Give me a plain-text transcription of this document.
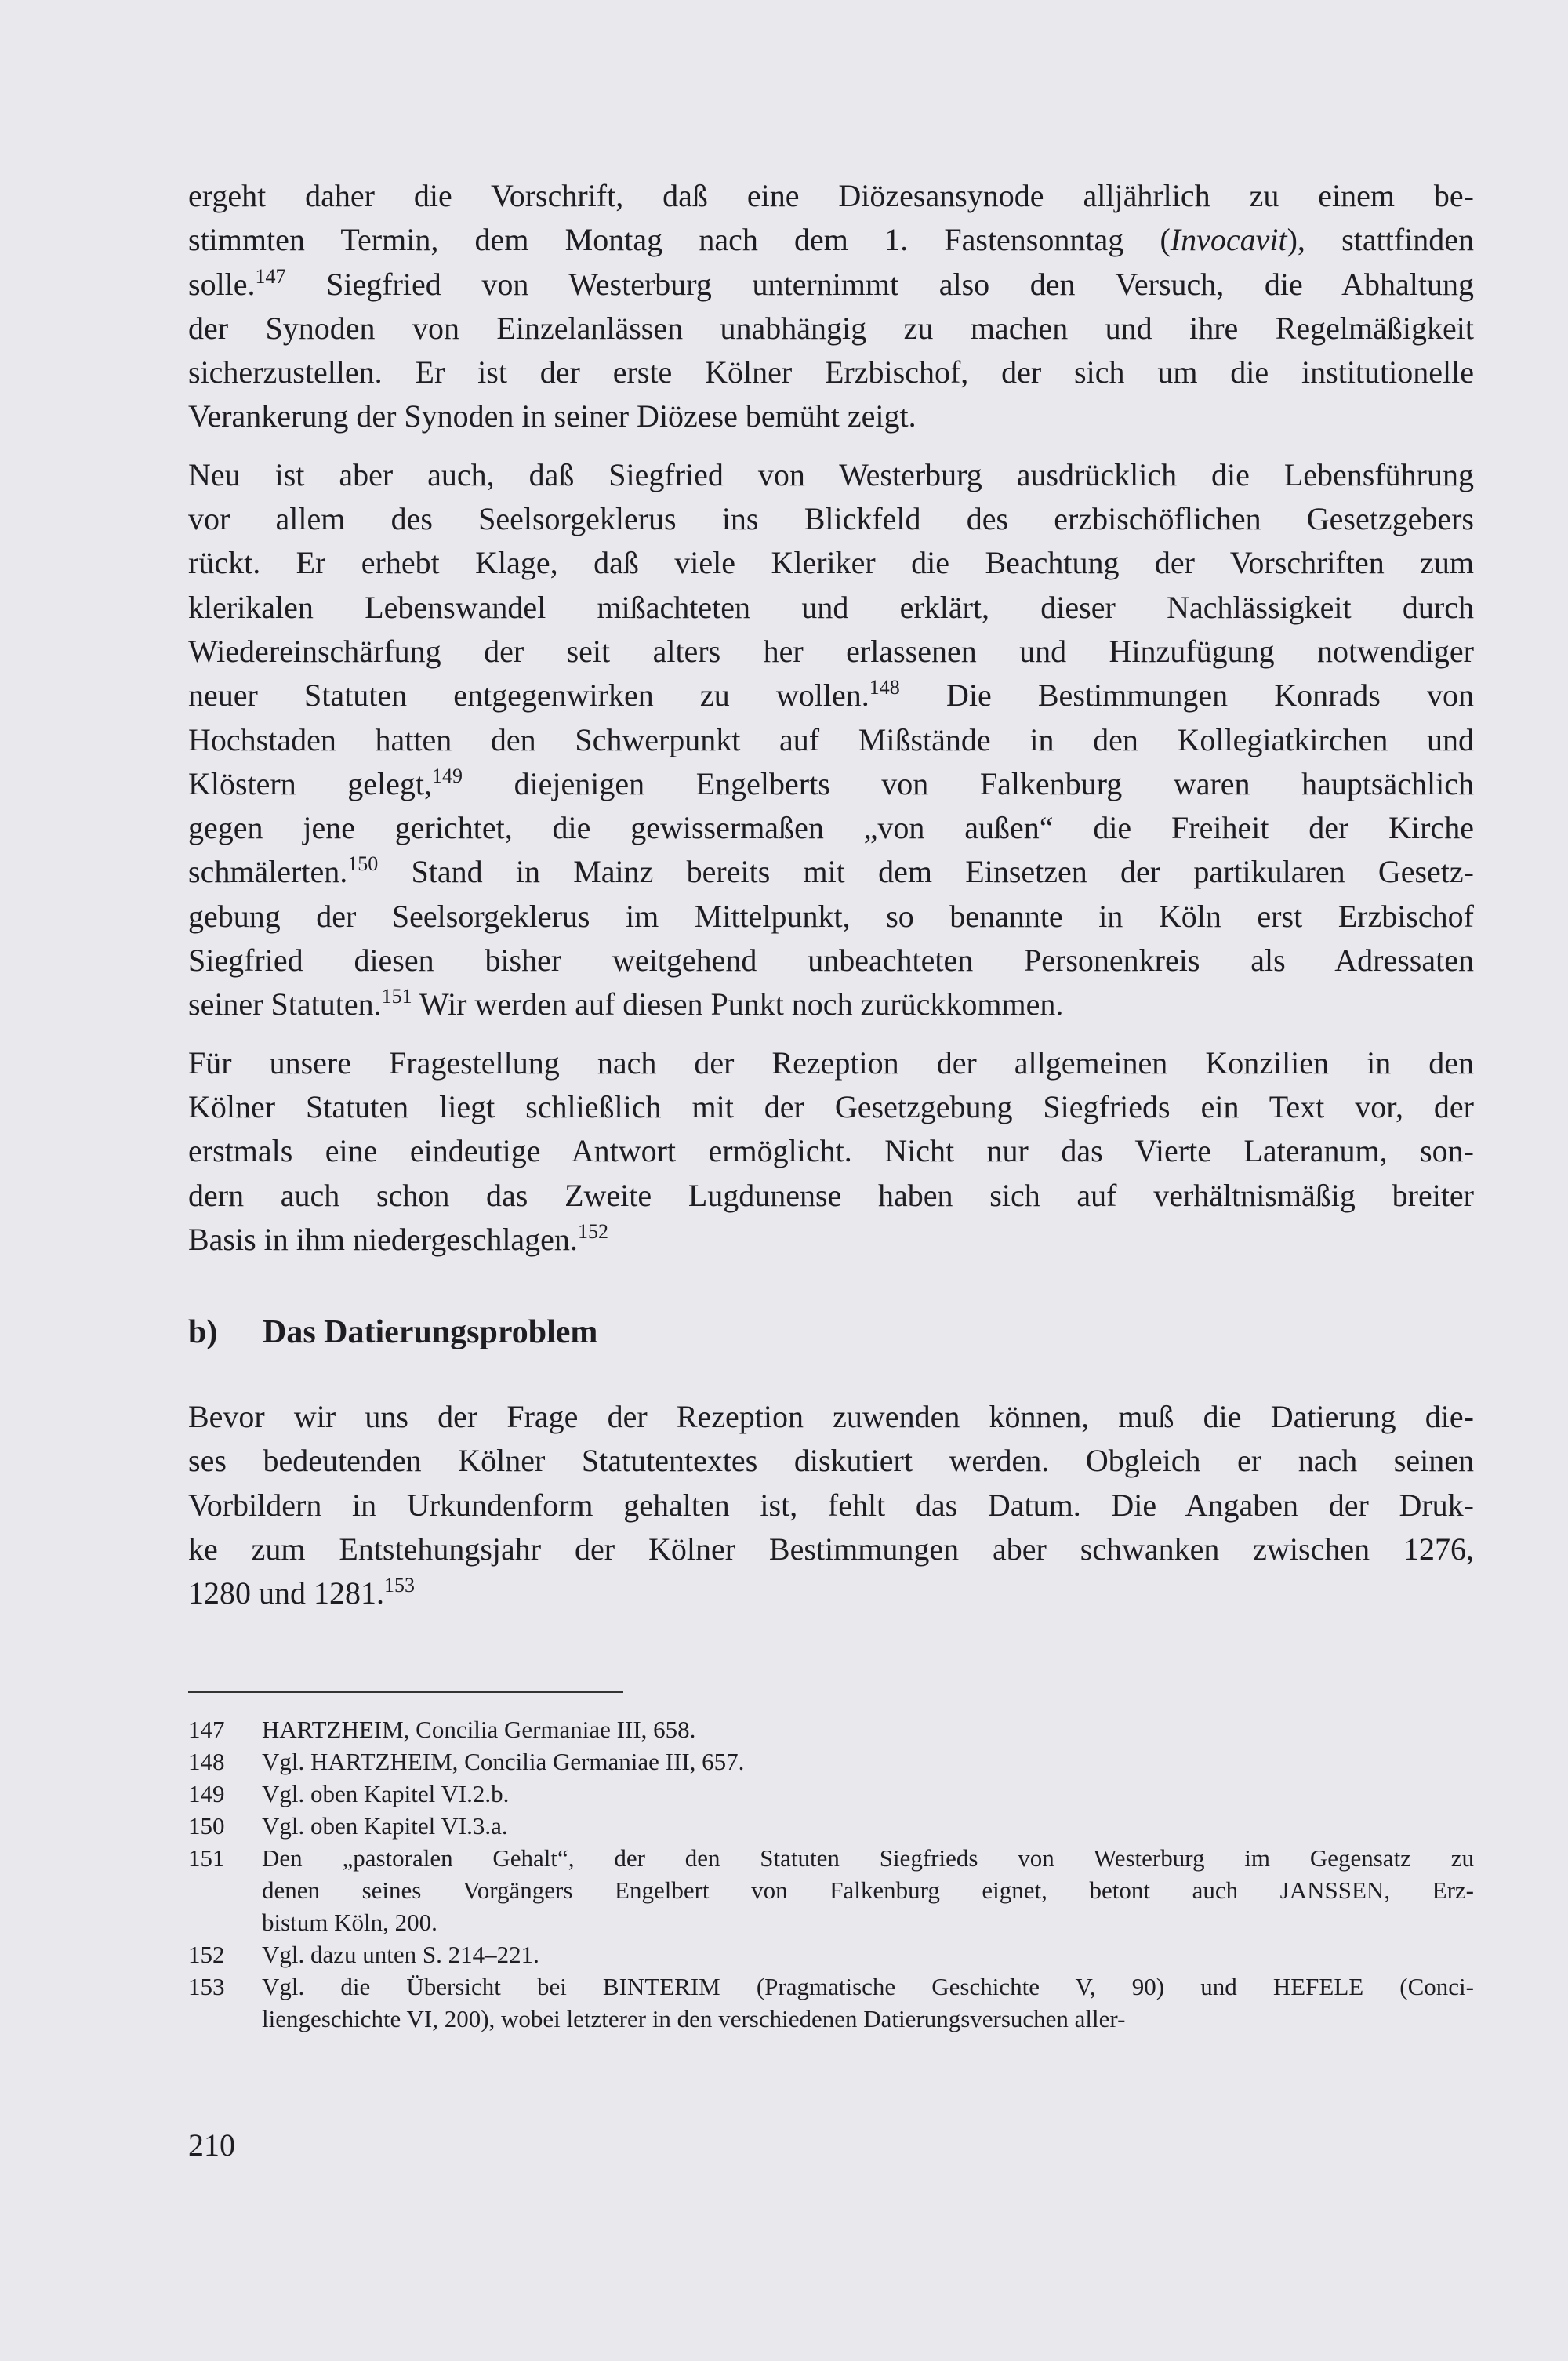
ergeht daher die Vorschrift, daß eine Diözesansynode alljährlich zu einem be-
stimmten Termin, dem Montag nach dem 1. Fastensonntag (Invocavit), stattfinden
solle.$^{147}$ Siegfried von Westerburg unternimmt also den Versuch, die Abhaltung
der Synoden von Einzelanlässen unabhängig zu machen und ihre Regelmäßigkeit
sicherzustellen. Er ist der erste Kölner Erzbischof, der sich um die institutionelle
Verankerung der Synoden in seiner Diözese bemüht zeigt.
Neu ist aber auch, daß Siegfried von Westerburg ausdrücklich die Lebensführung
vor allem des Seelsorgeklerus ins Blickfeld des erzbischöflichen Gesetzgebers
rückt. Er erhebt Klage, daß viele Kleriker die Beachtung der Vorschriften zum
klerikalen Lebenswandel mißachteten und erklärt, dieser Nachlässigkeit durch
Wiedereinschärfung der seit alters her erlassenen und Hinzufügung notwendiger
neuer Statuten entgegenwirken zu wollen.$^{148}$ Die Bestimmungen Konrads von
Hochstaden hatten den Schwerpunkt auf Mißstände in den Kollegiatkirchen und
Klöstern gelegt,$^{149}$ diejenigen Engelberts von Falkenburg waren hauptsächlich
gegen jene gerichtet, die gewissermaßen „von außen“ die Freiheit der Kirche
schmälerten.$^{150}$ Stand in Mainz bereits mit dem Einsetzen der partikularen Gesetz-
gebung der Seelsorgeklerus im Mittelpunkt, so benannte in Köln erst Erzbischof
Siegfried diesen bisher weitgehend unbeachteten Personenkreis als Adressaten
seiner Statuten.$^{151}$ Wir werden auf diesen Punkt noch zurückkommen.
Für unsere Fragestellung nach der Rezeption der allgemeinen Konzilien in den
Kölner Statuten liegt schließlich mit der Gesetzgebung Siegfrieds ein Text vor, der
erstmals eine eindeutige Antwort ermöglicht. Nicht nur das Vierte Lateranum, son-
dern auch schon das Zweite Lugdunense haben sich auf verhältnismäßig breiter
Basis in ihm niedergeschlagen.$^{152}$
b) Das Datierungsproblem
Bevor wir uns der Frage der Rezeption zuwenden können, muß die Datierung die-
ses bedeutenden Kölner Statutentextes diskutiert werden. Obgleich er nach seinen
Vorbildern in Urkundenform gehalten ist, fehlt das Datum. Die Angaben der Druk-
ke zum Entstehungsjahr der Kölner Bestimmungen aber schwanken zwischen 1276,
1280 und 1281.$^{153}$
147	HARTZHEIM, Concilia Germaniae III, 658.
148	Vgl. HARTZHEIM, Concilia Germaniae III, 657.
149	Vgl. oben Kapitel VI.2.b.
150	Vgl. oben Kapitel VI.3.a.
151	Den „pastoralen Gehalt“, der den Statuten Siegfrieds von Westerburg im Gegensatz zu
denen seines Vorgängers Engelbert von Falkenburg eignet, betont auch JANSSEN, Erz-
bistum Köln, 200.
152	Vgl. dazu unten S. 214–221.
153	Vgl. die Übersicht bei BINTERIM (Pragmatische Geschichte V, 90) und HEFELE (Conci-
liengeschichte VI, 200), wobei letzterer in den verschiedenen Datierungsversuchen aller-
210
